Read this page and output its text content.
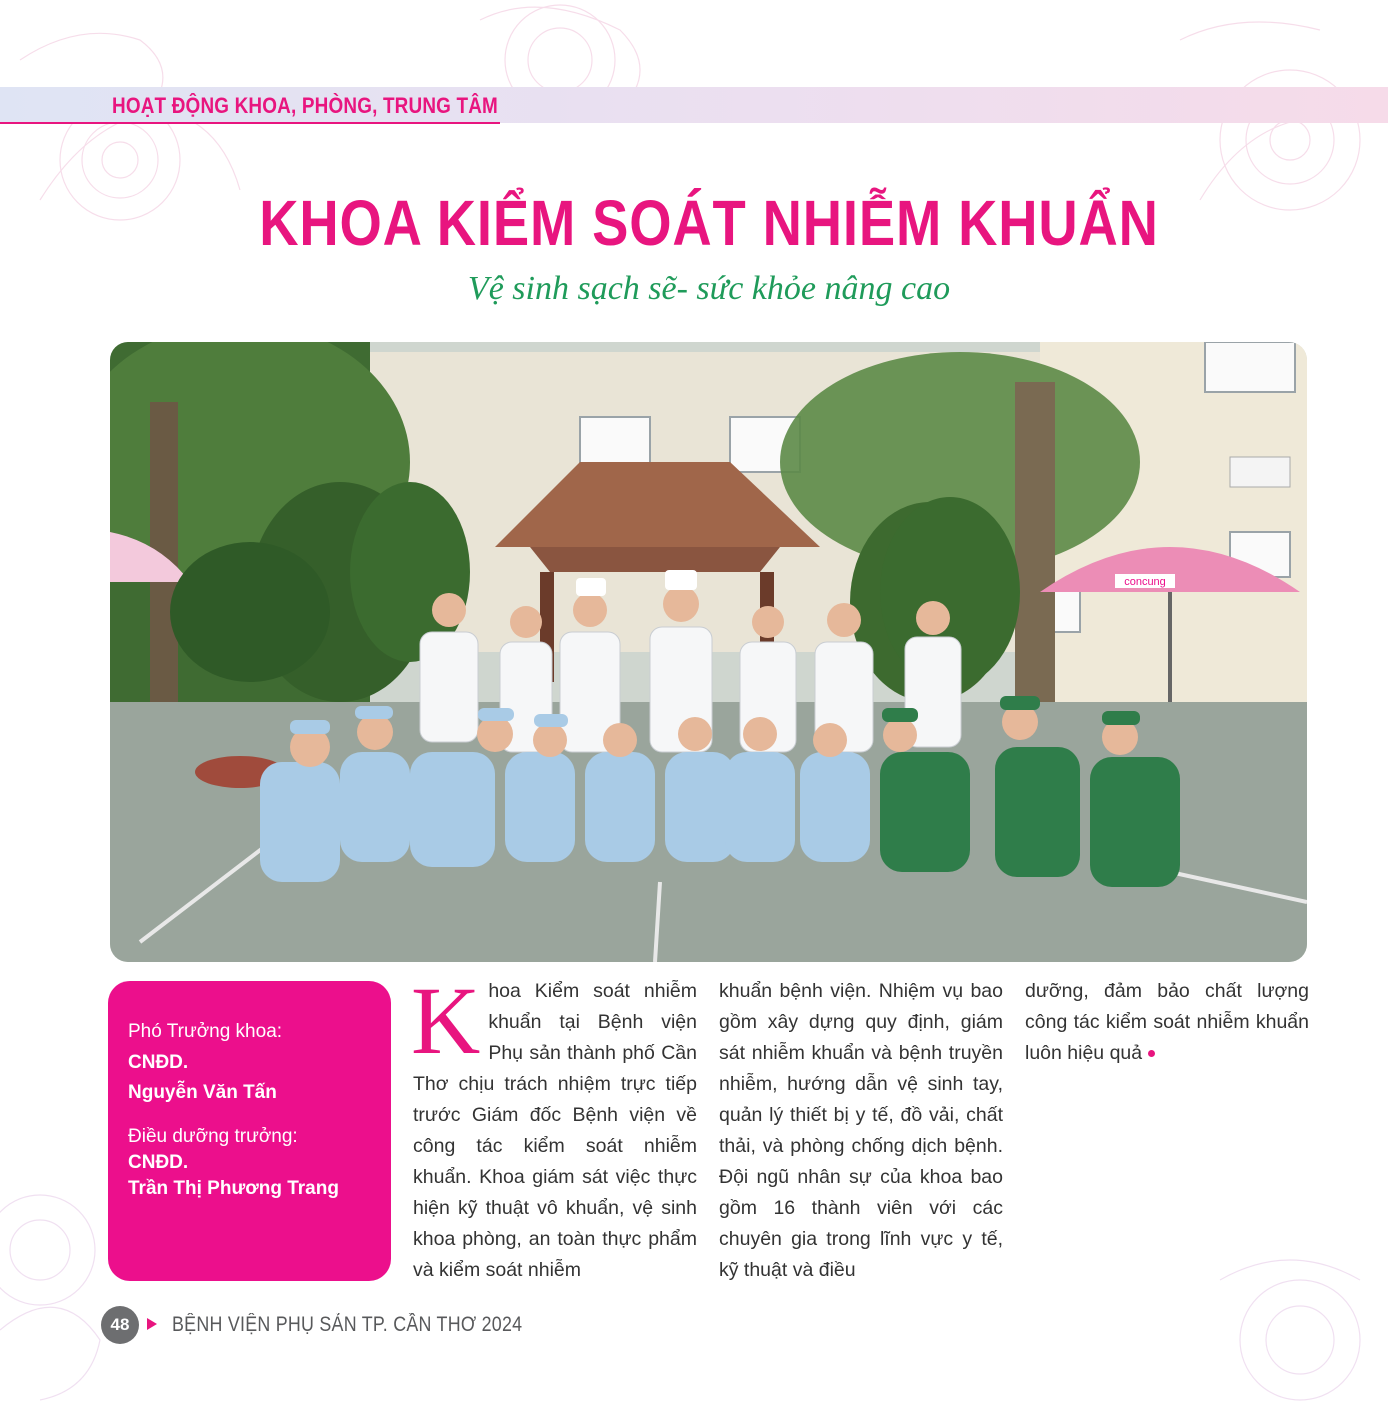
HOẠT ĐỘNG KHOA, PHÒNG, TRUNG TÂM
KHOA KIỂM SOÁT NHIỄM KHUẨN
Vệ sinh sạch sẽ- sức khỏe nâng cao
concung
Phó Trưởng khoa:
CNĐD.
Nguyễn Văn Tấn
Điều dưỡng trưởng:
CNĐD.
Trần Thị Phương Trang
Khoa Kiểm soát nhiễm khuẩn tại Bệnh viện Phụ sản thành phố Cần Thơ chịu trách nhiệm trực tiếp trước Giám đốc Bệnh viện về công tác kiểm soát nhiễm khuẩn. Khoa giám sát việc thực hiện kỹ thuật vô khuẩn, vệ sinh khoa phòng, an toàn thực phẩm và kiểm soát nhiễm
khuẩn bệnh viện. Nhiệm vụ bao gồm xây dựng quy định, giám sát nhiễm khuẩn và bệnh truyền nhiễm, hướng dẫn vệ sinh tay, quản lý thiết bị y tế, đồ vải, chất thải, và phòng chống dịch bệnh. Đội ngũ nhân sự của khoa bao gồm 16 thành viên với các chuyên gia trong lĩnh vực y tế, kỹ thuật và điều
dưỡng, đảm bảo chất lượng công tác kiểm soát nhiễm khuẩn luôn hiệu quả
48	BỆNH VIỆN PHỤ SẢN TP. CẦN THƠ 2024
